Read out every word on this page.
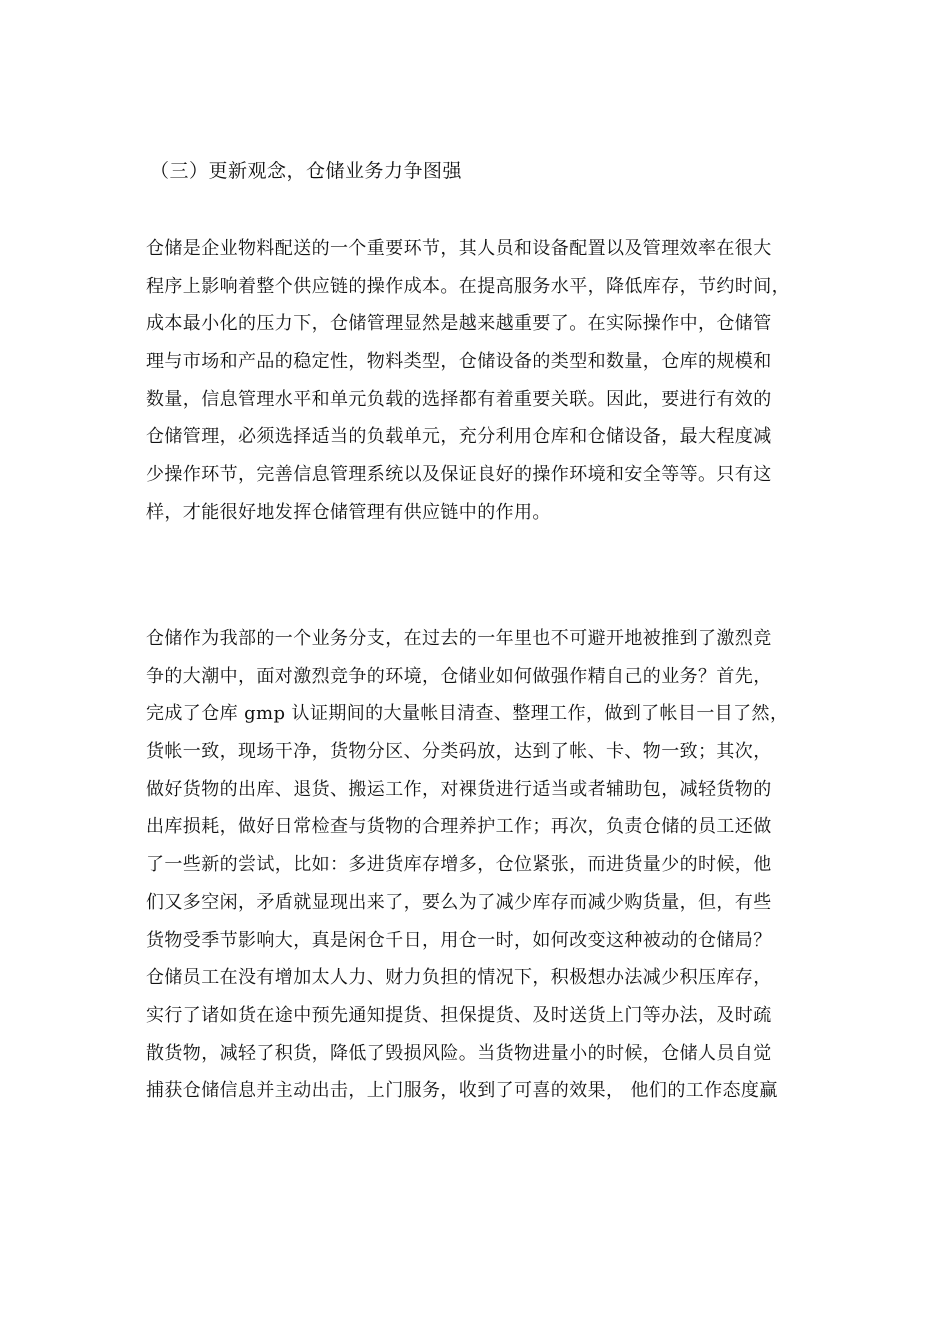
（三）更新观念，仓储业务力争图强
仓储是企业物料配送的一个重要环节，其人员和设备配置以及管理效率在很大
程序上影响着整个供应链的操作成本。在提高服务水平，降低库存，节约时间，
成本最小化的压力下，仓储管理显然是越来越重要了。在实际操作中，仓储管
理与市场和产品的稳定性，物料类型，仓储设备的类型和数量，仓库的规模和
数量，信息管理水平和单元负载的选择都有着重要关联。因此，要进行有效的
仓储管理，必须选择适当的负载单元，充分利用仓库和仓储设备，最大程度减
少操作环节，完善信息管理系统以及保证良好的操作环境和安全等等。只有这
样，才能很好地发挥仓储管理有供应链中的作用。
仓储作为我部的一个业务分支，在过去的一年里也不可避开地被推到了激烈竞
争的大潮中，面对激烈竞争的环境，仓储业如何做强作精自己的业务？首先，
完成了仓库 gmp 认证期间的大量帐目清查、整理工作，做到了帐目一目了然，
货帐一致，现场干净，货物分区、分类码放，达到了帐、卡、物一致；其次，
做好货物的出库、退货、搬运工作，对裸货进行适当或者辅助包，减轻货物的
出库损耗，做好日常检查与货物的合理养护工作；再次，负责仓储的员工还做
了一些新的尝试，比如：多进货库存增多，仓位紧张，而进货量少的时候，他
们又多空闲，矛盾就显现出来了，要么为了减少库存而减少购货量，但，有些
货物受季节影响大，真是闲仓千日，用仓一时，如何改变这种被动的仓储局？
仓储员工在没有增加太人力、财力负担的情况下，积极想办法减少积压库存，
实行了诸如货在途中预先通知提货、担保提货、及时送货上门等办法，及时疏
散货物，减轻了积货，降低了毁损风险。当货物进量小的时候，仓储人员自觉
捕获仓储信息并主动出击，上门服务，收到了可喜的效果， 他们的工作态度赢
